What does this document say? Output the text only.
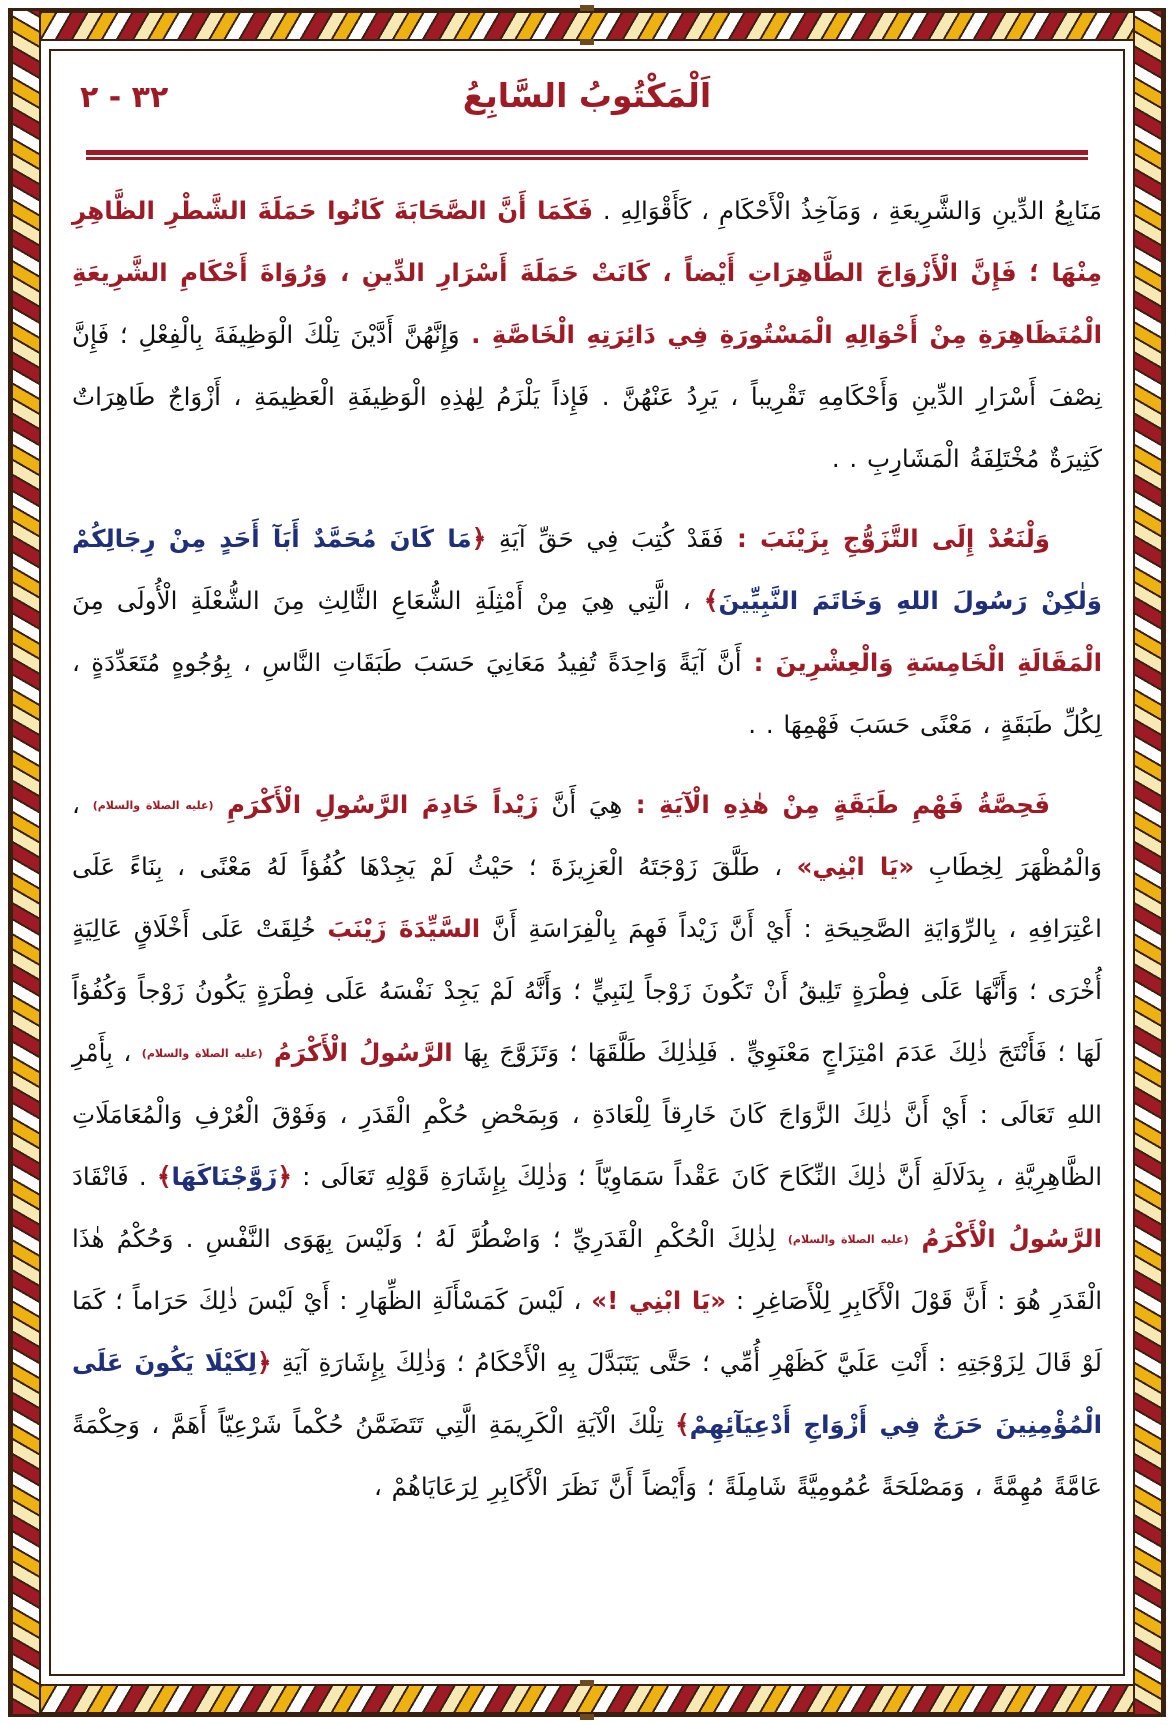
٣٢ - ٢	اَلْمَكْتُوبُ السَّابِعُ

مَنَابِعُ الدِّينِ وَالشَّرِيعَةِ ، وَمَآخِذُ الْأَحْكَامِ ، كَأَقْوَالِهِ . فَكَمَا أَنَّ الصَّحَابَةَ كَانُوا حَمَلَةَ الشَّطْرِ الظَّاهِرِ مِنْهَا ؛ فَإِنَّ الْأَزْوَاجَ الطَّاهِرَاتِ أَيْضاً ، كَانَتْ حَمَلَةَ أَسْرَارِ الدِّينِ ، وَرُوَاةَ أَحْكَامِ الشَّرِيعَةِ الْمُتَظَاهِرَةِ مِنْ أَحْوَالِهِ الْمَسْتُورَةِ فِي دَائِرَتِهِ الْخَاصَّةِ . وَإِنَّهُنَّ أَدَّيْنَ تِلْكَ الْوَظِيفَةَ بِالْفِعْلِ ؛ فَإِنَّ نِصْفَ أَسْرَارِ الدِّينِ وَأَحْكَامِهِ تَقْرِيباً ، يَرِدُ عَنْهُنَّ . فَإِذاً يَلْزَمُ لِهٰذِهِ الْوَظِيفَةِ الْعَظِيمَةِ ، أَزْوَاجٌ طَاهِرَاتٌ كَثِيرَةٌ مُخْتَلِفَةُ الْمَشَارِبِ . .

وَلْنَعُدْ إِلَى التَّزَوُّجِ بِزَيْنَبَ : فَقَدْ كُتِبَ فِي حَقِّ آيَةِ ﴿مَا كَانَ مُحَمَّدٌ أَبَآ أَحَدٍ مِنْ رِجَالِكُمْ وَلٰكِنْ رَسُولَ اللهِ وَخَاتَمَ النَّبِيِّينَ﴾ ، الَّتِي هِيَ مِنْ أَمْثِلَةِ الشُّعَاعِ الثَّالِثِ مِنَ الشُّعْلَةِ الْأُولَى مِنَ الْمَقَالَةِ الْخَامِسَةِ وَالْعِشْرِينَ : أَنَّ آيَةً وَاحِدَةً تُفِيدُ مَعَانِيَ حَسَبَ طَبَقَاتِ النَّاسِ ، بِوُجُوهٍ مُتَعَدِّدَةٍ ، لِكُلِّ طَبَقَةٍ ، مَعْنًى حَسَبَ فَهْمِهَا . .

فَحِصَّةُ فَهْمِ طَبَقَةٍ مِنْ هٰذِهِ الْآيَةِ : هِيَ أَنَّ زَيْداً خَادِمَ الرَّسُولِ الْأَكْرَمِ (عليه الصلاة والسلام) ، وَالْمُظْهَرَ لِخِطَابِ «يَا ابْنِي» ، طَلَّقَ زَوْجَتَهُ الْعَزِيزَةَ ؛ حَيْثُ لَمْ يَجِدْهَا كُفُؤاً لَهُ مَعْنًى ، بِنَاءً عَلَى اعْتِرَافِهِ ، بِالرِّوَايَةِ الصَّحِيحَةِ : أَيْ أَنَّ زَيْداً فَهِمَ بِالْفِرَاسَةِ أَنَّ السَّيِّدَةَ زَيْنَبَ خُلِقَتْ عَلَى أَخْلَاقٍ عَالِيَةٍ أُخْرَى ؛ وَأَنَّهَا عَلَى فِطْرَةٍ تَلِيقُ أَنْ تَكُونَ زَوْجاً لِنَبِيٍّ ؛ وَأَنَّهُ لَمْ يَجِدْ نَفْسَهُ عَلَى فِطْرَةٍ يَكُونُ زَوْجاً وَكُفُؤاً لَهَا ؛ فَأَنْتَجَ ذٰلِكَ عَدَمَ امْتِزَاجٍ مَعْنَوِيٍّ . فَلِذٰلِكَ طَلَّقَهَا ؛ وَتَزَوَّجَ بِهَا الرَّسُولُ الْأَكْرَمُ (عليه الصلاة والسلام) ، بِأَمْرِ اللهِ تَعَالَى : أَيْ أَنَّ ذٰلِكَ الزَّوَاجَ كَانَ خَارِقاً لِلْعَادَةِ ، وَبِمَحْضِ حُكْمِ الْقَدَرِ ، وَفَوْقَ الْعُرْفِ وَالْمُعَامَلَاتِ الظَّاهِرِيَّةِ ، بِدَلَالَةِ أَنَّ ذٰلِكَ النِّكَاحَ كَانَ عَقْداً سَمَاوِيّاً ؛ وَذٰلِكَ بِإِشَارَةِ قَوْلِهِ تَعَالَى : ﴿زَوَّجْنَاكَهَا﴾ . فَانْقَادَ الرَّسُولُ الْأَكْرَمُ (عليه الصلاة والسلام) لِذٰلِكَ الْحُكْمِ الْقَدَرِيِّ ؛ وَاضْطُرَّ لَهُ ؛ وَلَيْسَ بِهَوَى النَّفْسِ . وَحُكْمُ هٰذَا الْقَدَرِ هُوَ : أَنَّ قَوْلَ الْأَكَابِرِ لِلْأَصَاغِرِ : «يَا ابْنِي !» ، لَيْسَ كَمَسْأَلَةِ الظِّهَارِ : أَيْ لَيْسَ ذٰلِكَ حَرَاماً ؛ كَمَا لَوْ قَالَ لِزَوْجَتِهِ : أَنْتِ عَلَيَّ كَظَهْرِ أُمِّي ؛ حَتَّى يَتَبَدَّلَ بِهِ الْأَحْكَامُ ؛ وَذٰلِكَ بِإِشَارَةِ آيَةِ ﴿لِكَيْلَا يَكُونَ عَلَى الْمُؤْمِنِينَ حَرَجٌ فِي أَزْوَاجِ أَدْعِيَآئِهِمْ﴾ تِلْكَ الْآيَةِ الْكَرِيمَةِ الَّتِي تَتَضَمَّنُ حُكْماً شَرْعِيّاً أَهَمَّ ، وَحِكْمَةً عَامَّةً مُهِمَّةً ، وَمَصْلَحَةً عُمُومِيَّةً شَامِلَةً ؛ وَأَيْضاً أَنَّ نَظَرَ الْأَكَابِرِ لِرَعَايَاهُمْ ،
